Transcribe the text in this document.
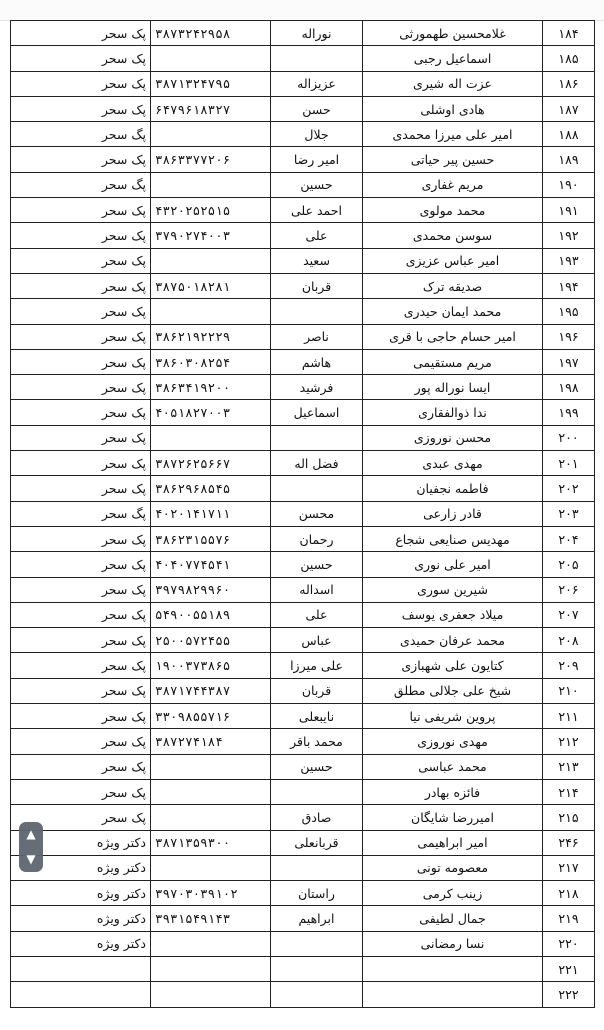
۱۸۴	غلامحسین طهمورثی	نوراله	۳۸۷۳۲۴۲۹۵۸	پک سحر
۱۸۵	اسماعیل رجبی			پک سحر
۱۸۶	عزت اله شیری	عزیزاله	۳۸۷۱۳۲۴۷۹۵	پک سحر
۱۸۷	هادی اوشلی	حسن	۶۴۷۹۶۱۸۳۲۷	پک سحر
۱۸۸	امیر علی میرزا محمدی	جلال		پگ سحر
۱۸۹	حسین پیر حیاتی	امیر رضا	۳۸۶۳۳۷۷۲۰۶	پک سحر
۱۹۰	مریم غفاری	حسین		پگ سحر
۱۹۱	محمد مولوی	احمد علی	۴۳۲۰۲۵۲۵۱۵	پک سحر
۱۹۲	سوسن محمدی	علی	۳۷۹۰۲۷۴۰۰۳	پک سحر
۱۹۳	امیر عباس عزیزی	سعید		پک سحر
۱۹۴	صدیقه ترک	قربان	۳۸۷۵۰۱۸۲۸۱	پک سحر
۱۹۵	محمد ایمان حیدری			پک سحر
۱۹۶	امیر حسام حاجی با قری	ناصر	۳۸۶۲۱۹۲۲۲۹	پک سحر
۱۹۷	مریم مستقیمی	هاشم	۳۸۶۰۳۰۸۲۵۴	پک سحر
۱۹۸	ایسا نوراله پور	فرشید	۳۸۶۳۴۱۹۲۰۰	پک سحر
۱۹۹	ندا ذوالفقاری	اسماعیل	۴۰۵۱۸۲۷۰۰۳	پک سحر
۲۰۰	محسن نوروزی			پک سحر
۲۰۱	مهدی عبدی	فضل اله	۳۸۷۲۶۲۵۶۶۷	پک سحر
۲۰۲	فاطمه نجفیان		۳۸۶۲۹۶۸۵۴۵	پک سحر
۲۰۳	قادر زارعی	محسن	۴۰۲۰۱۴۱۷۱۱	پگ سحر
۲۰۴	مهدیس صنایعی شجاع	رحمان	۳۸۶۲۳۱۵۵۷۶	پک سحر
۲۰۵	امیر علی نوری	حسین	۴۰۴۰۷۷۴۵۴۱	پک سحر
۲۰۶	شیرین سوری	اسداله	۳۹۷۹۸۲۹۹۶۰	پک سحر
۲۰۷	میلاد جعفری یوسف	علی	۵۴۹۰۰۵۵۱۸۹	پک سحر
۲۰۸	محمد عرفان حمیدی	عباس	۲۵۰۰۵۷۲۴۵۵	پک سحر
۲۰۹	کتایون علی شهبازی	علی میرزا	۱۹۰۰۳۷۳۸۶۵	پک سحر
۲۱۰	شیخ علی جلالی مطلق	قربان	۳۸۷۱۷۴۴۳۸۷	پک سحر
۲۱۱	پروین شریفی نیا	نایبعلی	۳۳۰۹۸۵۵۷۱۶	پک سحر
۲۱۲	مهدی نوروزی	محمد باقر	۳۸۷۲۷۴۱۸۴	پک سحر
۲۱۳	محمد عباسی	حسین		پک سحر
۲۱۴	فائزه بهادر			پک سحر
۲۱۵	امیررضا شایگان	صادق		پک سحر
۲۴۶	امیر ابراهیمی	قربانعلی	۳۸۷۱۳۵۹۳۰۰	دکتر ویژه
۲۱۷	معصومه تونی			دکتر ویژه
۲۱۸	زینب کرمی	راستان	۳۹۷۰۳۰۳۹۱۰۲	دکتر ویژه
۲۱۹	جمال لطیفی	ابراهیم	۳۹۳۱۵۴۹۱۴۳	دکتر ویژه
۲۲۰	نسا رمضانی			دکتر ویژه
۲۲۱				
۲۲۲				
▲
▼
